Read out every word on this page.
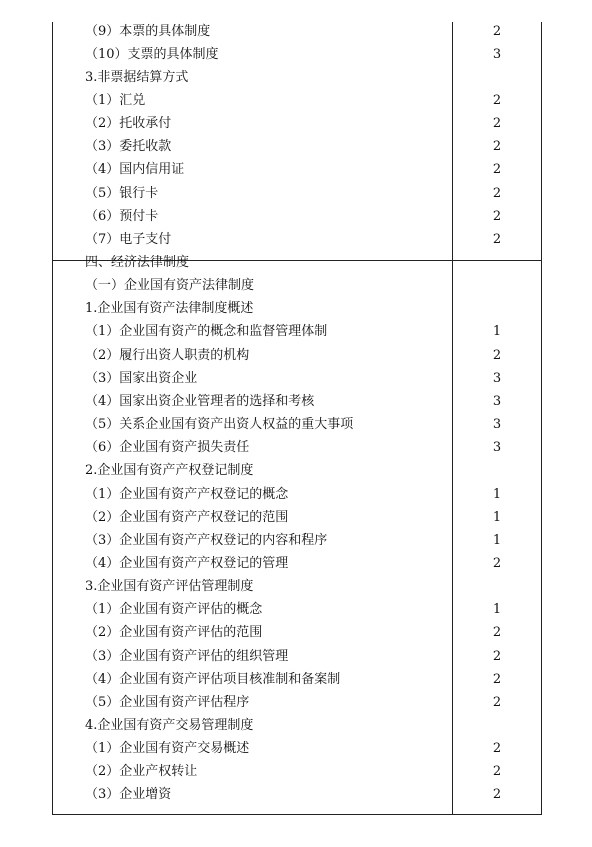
（9）本票的具体制度	2
（10）支票的具体制度	3
3.非票据结算方式
（1）汇兑	2
（2）托收承付	2
（3）委托收款	2
（4）国内信用证	2
（5）银行卡	2
（6）预付卡	2
（7）电子支付	2
四、经济法律制度
（一）企业国有资产法律制度
1.企业国有资产法律制度概述
（1）企业国有资产的概念和监督管理体制	1
（2）履行出资人职责的机构	2
（3）国家出资企业	3
（4）国家出资企业管理者的选择和考核	3
（5）关系企业国有资产出资人权益的重大事项	3
（6）企业国有资产损失责任	3
2.企业国有资产产权登记制度
（1）企业国有资产产权登记的概念	1
（2）企业国有资产产权登记的范围	1
（3）企业国有资产产权登记的内容和程序	1
（4）企业国有资产产权登记的管理	2
3.企业国有资产评估管理制度
（1）企业国有资产评估的概念	1
（2）企业国有资产评估的范围	2
（3）企业国有资产评估的组织管理	2
（4）企业国有资产评估项目核准制和备案制	2
（5）企业国有资产评估程序	2
4.企业国有资产交易管理制度
（1）企业国有资产交易概述	2
（2）企业产权转让	2
（3）企业增资	2
